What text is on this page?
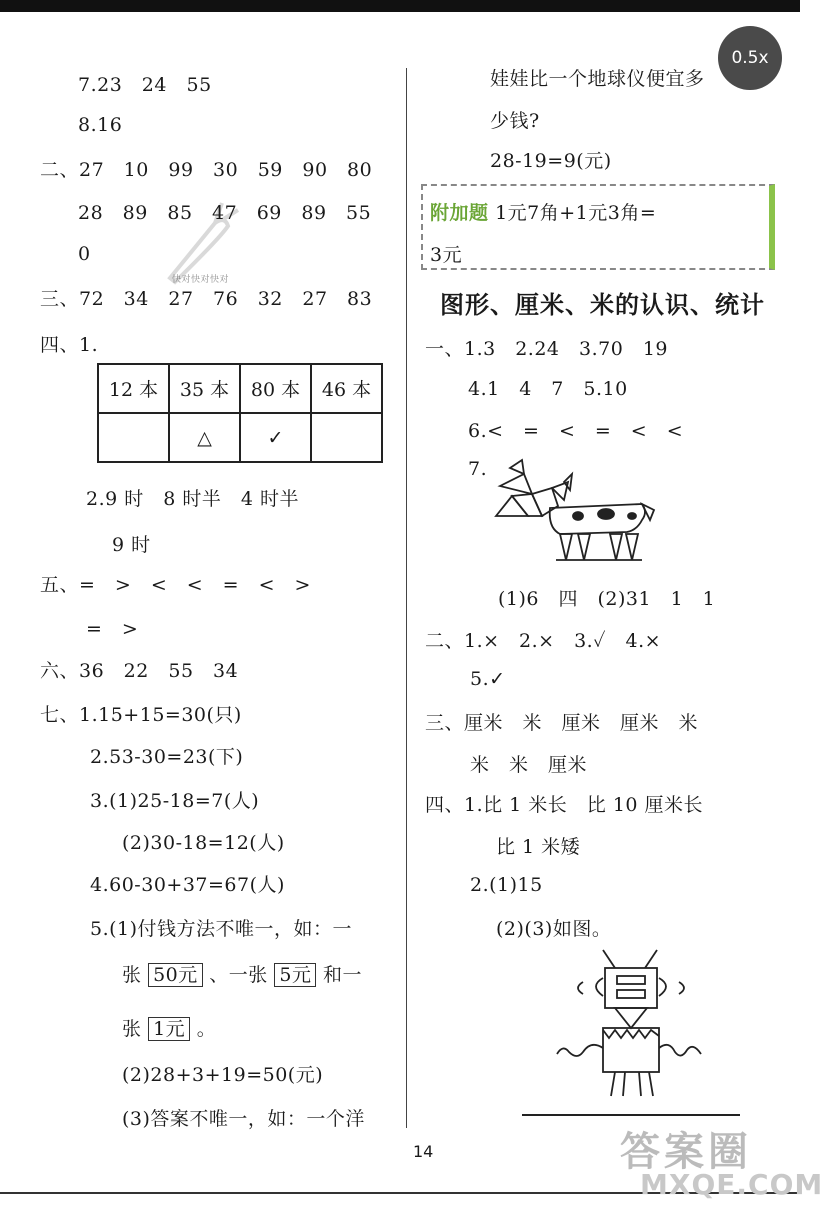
0.5x
7.23　24　55
8.16
二、27　10　99　30　59　90　80
28　89　85　47　69　89　55
0
三、72　34　27　76　32　27　83
四、1.
12 本	35 本	80 本	46 本
	△	✓	
2.9 时　8 时半　4 时半
9 时
五、=　>　<　<　=　<　>
=　>
六、36　22　55　34
七、1.15+15=30(只)
2.53-30=23(下)
3.(1)25-18=7(人)
(2)30-18=12(人)
4.60-30+37=67(人)
5.(1)付钱方法不唯一，如：一
张 50元 、一张 5元 和一
张 1元 。
(2)28+3+19=50(元)
(3)答案不唯一，如：一个洋
快对快对快对
娃娃比一个地球仪便宜多
少钱?
28-19=9(元)
附加题 1元7角+1元3角=
3元
图形、厘米、米的认识、统计
一、1.3　2.24　3.70　19
4.1　4　7　5.10
6.<　=　<　=　<　<
7.
(1)6　四　(2)31　1　1
二、1.×　2.×　3.✓　4.×
5.✓
三、厘米　米　厘米　厘米　米
米　米　厘米
四、1.比 1 米长　比 10 厘米长
比 1 米矮
2.(1)15
(2)(3)如图。
14	答案圈
MXQE.COM
